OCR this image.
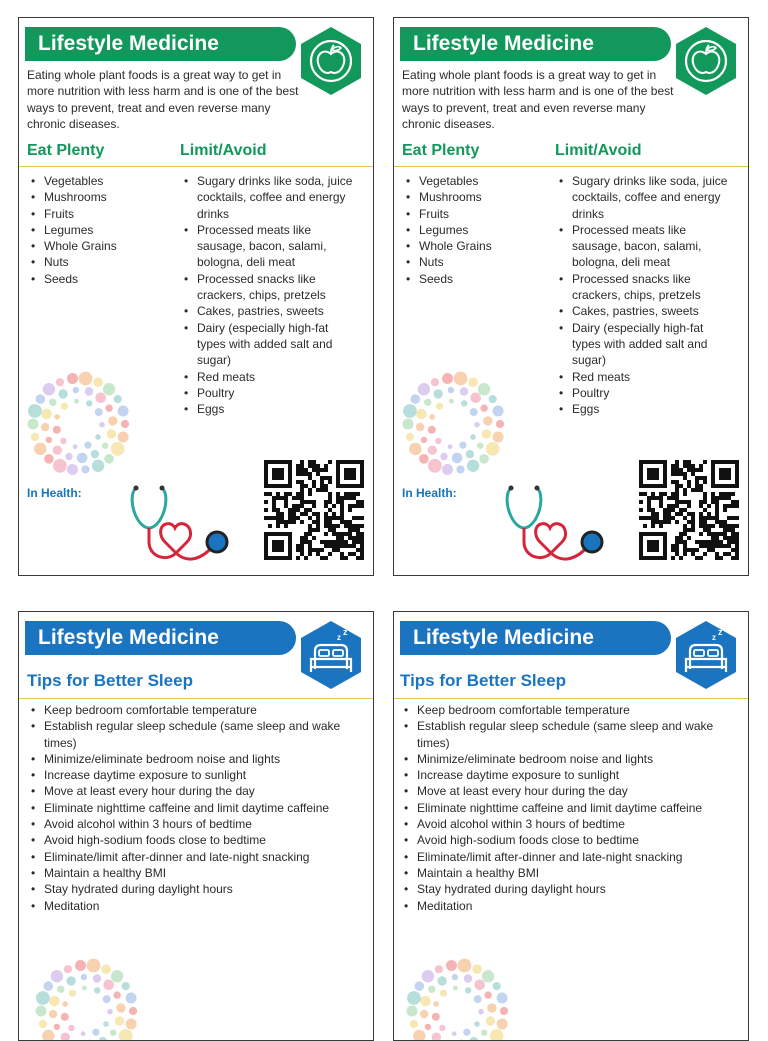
Lifestyle Medicine
Eating whole plant foods is a great way to get in more nutrition with less harm and is one of the best ways to prevent, treat and even reverse many chronic diseases.
Eat Plenty	Limit/Avoid
• Vegetables
• Mushrooms
• Fruits
• Legumes
• Whole Grains
• Nuts
• Seeds
• Sugary drinks like soda, juice cocktails, coffee and energy drinks
• Processed meats like sausage, bacon, salami, bologna, deli meat
• Processed snacks like crackers, chips, pretzels
• Cakes, pastries, sweets
• Dairy (especially high-fat types with added salt and sugar)
• Red meats
• Poultry
• Eggs
In Health:
Lifestyle Medicine
Eating whole plant foods is a great way to get in more nutrition with less harm and is one of the best ways to prevent, treat and even reverse many chronic diseases.
Eat Plenty	Limit/Avoid
• Vegetables
• Mushrooms
• Fruits
• Legumes
• Whole Grains
• Nuts
• Seeds
• Sugary drinks like soda, juice cocktails, coffee and energy drinks
• Processed meats like sausage, bacon, salami, bologna, deli meat
• Processed snacks like crackers, chips, pretzels
• Cakes, pastries, sweets
• Dairy (especially high-fat types with added salt and sugar)
• Red meats
• Poultry
• Eggs
In Health:
Lifestyle Medicine	z
z
Tips for Better Sleep
• Keep bedroom comfortable temperature
• Establish regular sleep schedule (same sleep and wake times)
• Minimize/eliminate bedroom noise and lights
• Increase daytime exposure to sunlight
• Move at least every hour during the day
• Eliminate nighttime caffeine and limit daytime caffeine
• Avoid alcohol within 3 hours of bedtime
• Avoid high-sodium foods close to bedtime
• Eliminate/limit after-dinner and late-night snacking
• Maintain a healthy BMI
• Stay hydrated during daylight hours
• Meditation
Lifestyle Medicine	z
z
Tips for Better Sleep
• Keep bedroom comfortable temperature
• Establish regular sleep schedule (same sleep and wake times)
• Minimize/eliminate bedroom noise and lights
• Increase daytime exposure to sunlight
• Move at least every hour during the day
• Eliminate nighttime caffeine and limit daytime caffeine
• Avoid alcohol within 3 hours of bedtime
• Avoid high-sodium foods close to bedtime
• Eliminate/limit after-dinner and late-night snacking
• Maintain a healthy BMI
• Stay hydrated during daylight hours
• Meditation
